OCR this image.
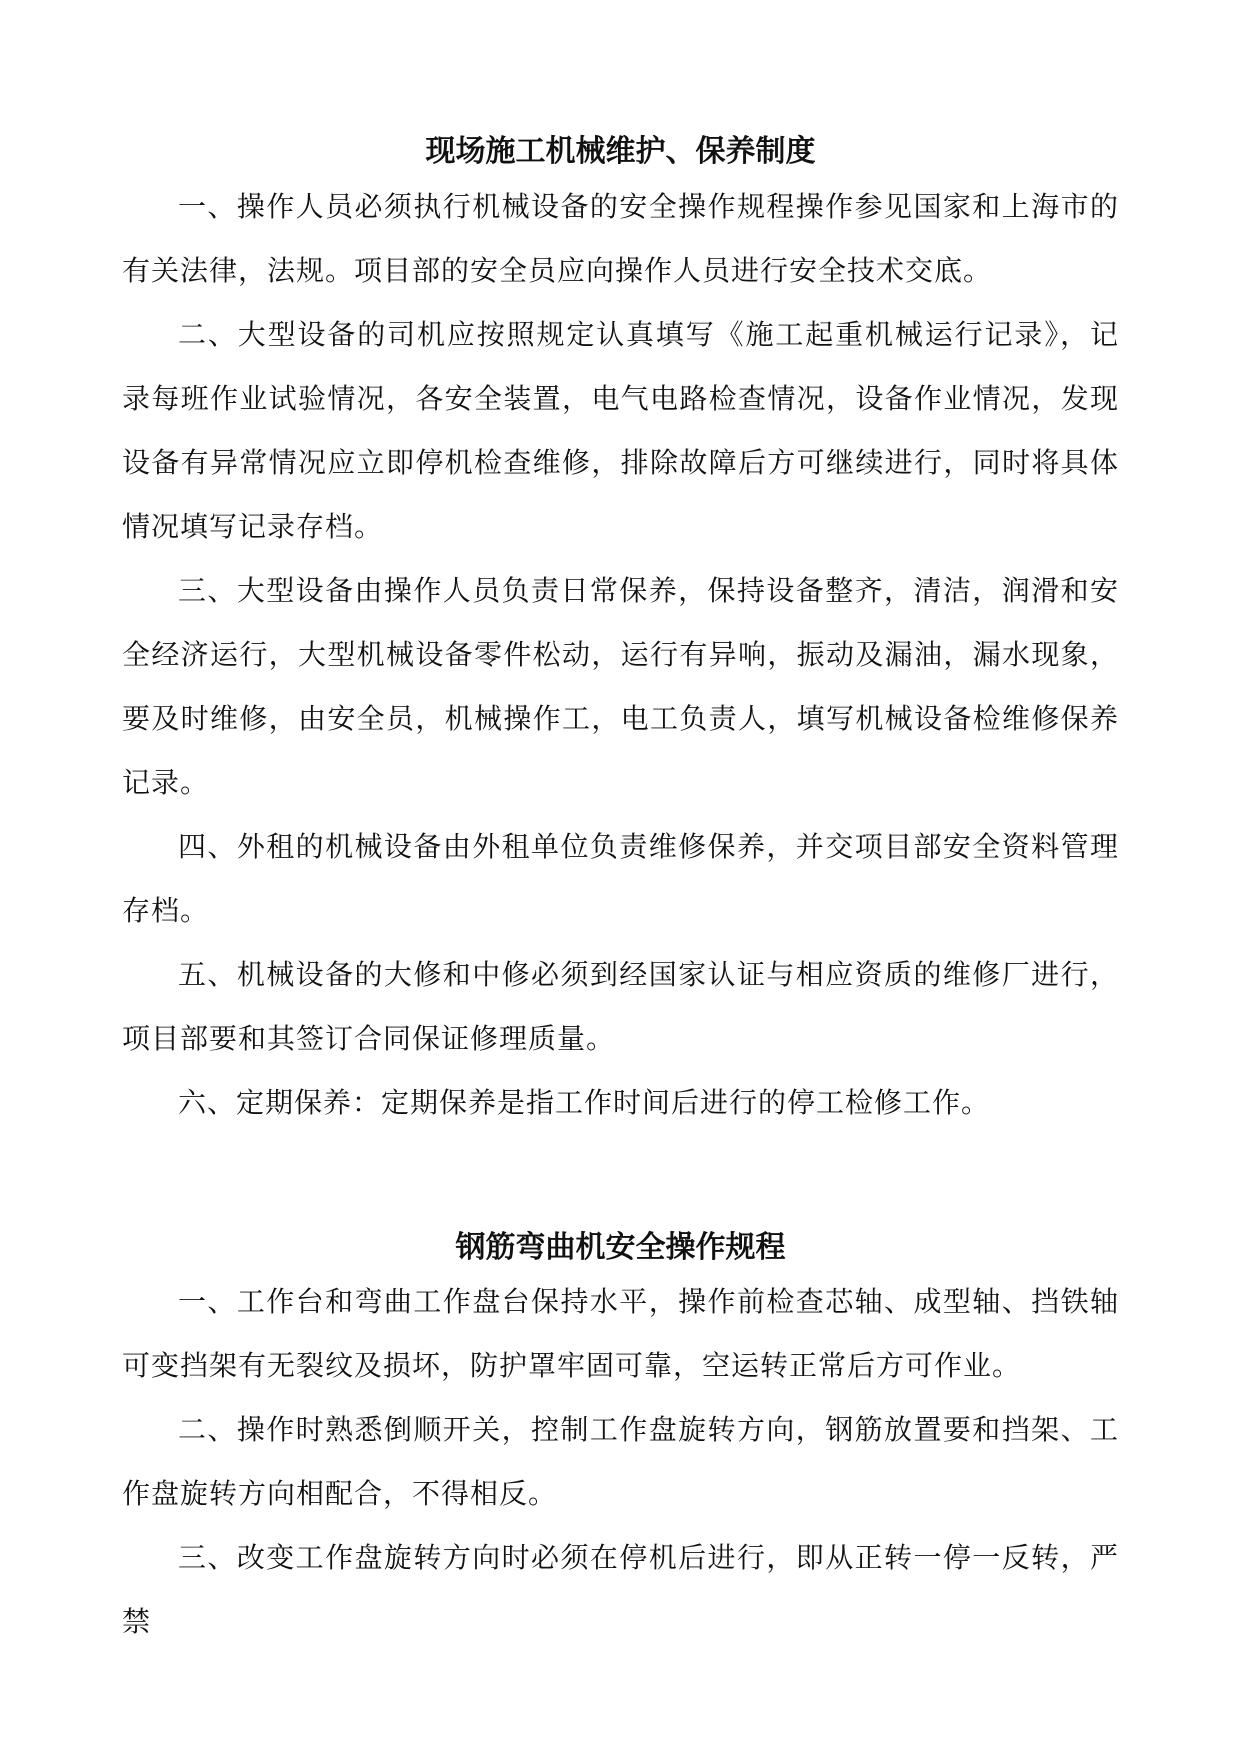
现场施工机械维护、保养制度

一、操作人员必须执行机械设备的安全操作规程操作参见国家和上海市的有关法律，法规。项目部的安全员应向操作人员进行安全技术交底。

二、大型设备的司机应按照规定认真填写《施工起重机械运行记录》，记录每班作业试验情况，各安全装置，电气电路检查情况，设备作业情况，发现设备有异常情况应立即停机检查维修，排除故障后方可继续进行，同时将具体情况填写记录存档。

三、大型设备由操作人员负责日常保养，保持设备整齐，清洁，润滑和安全经济运行，大型机械设备零件松动，运行有异响，振动及漏油，漏水现象，要及时维修，由安全员，机械操作工，电工负责人，填写机械设备检维修保养记录。

四、外租的机械设备由外租单位负责维修保养，并交项目部安全资料管理存档。

五、机械设备的大修和中修必须到经国家认证与相应资质的维修厂进行，项目部要和其签订合同保证修理质量。

六、定期保养：定期保养是指工作时间后进行的停工检修工作。

钢筋弯曲机安全操作规程

一、工作台和弯曲工作盘台保持水平，操作前检查芯轴、成型轴、挡铁轴可变挡架有无裂纹及损坏，防护罩牢固可靠，空运转正常后方可作业。

二、操作时熟悉倒顺开关，控制工作盘旋转方向，钢筋放置要和挡架、工作盘旋转方向相配合，不得相反。

三、改变工作盘旋转方向时必须在停机后进行，即从正转一停一反转，严禁
